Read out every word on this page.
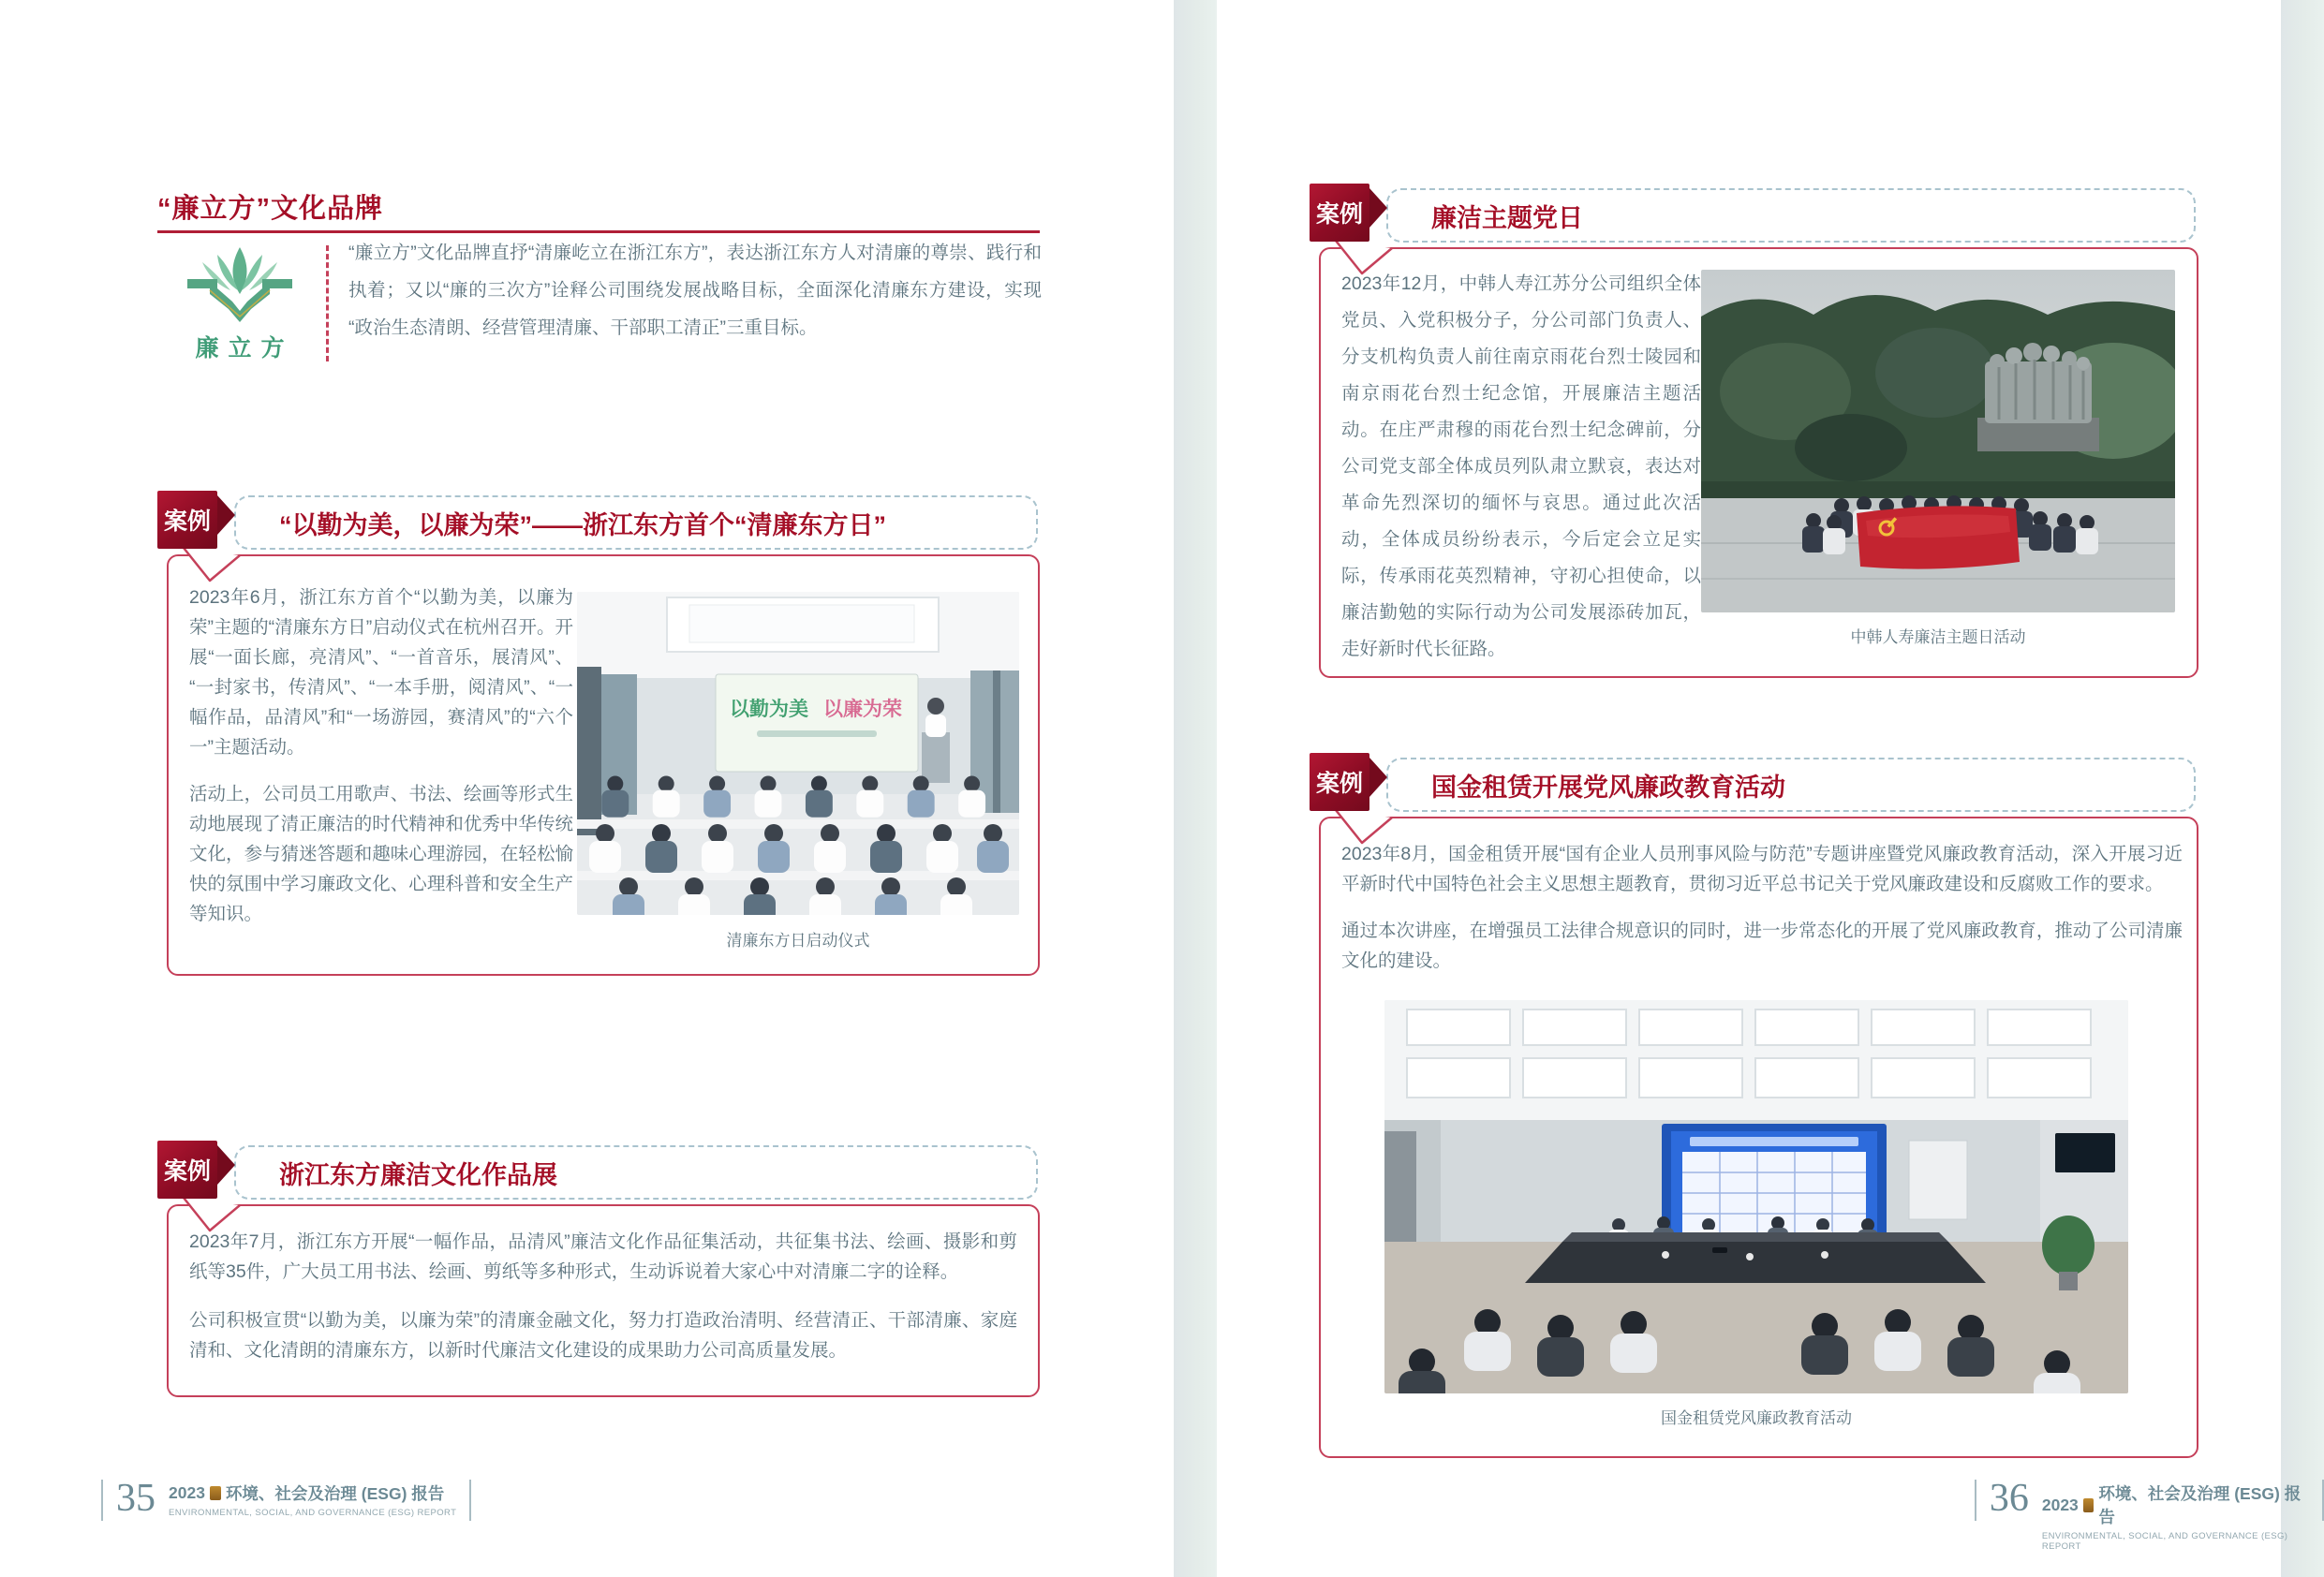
“廉立方”文化品牌
廉立方

“廉立方”文化品牌直抒“清廉屹立在浙江东方”，表达浙江东方人对清廉的尊崇、践行和执着；又以“廉的三次方”诠释公司围绕发展战略目标，全面深化清廉东方建设，实现“政治生态清朗、经营管理清廉、干部职工清正”三重目标。

案例	“以勤为美，以廉为荣”——浙江东方首个“清廉东方日”

2023年6月，浙江东方首个“以勤为美，以廉为荣”主题的“清廉东方日”启动仪式在杭州召开。开展“一面长廊，亮清风”、“一首音乐，展清风”、“一封家书，传清风”、“一本手册，阅清风”、“一幅作品，品清风”和“一场游园，赛清风”的“六个一”主题活动。

活动上，公司员工用歌声、书法、绘画等形式生动地展现了清正廉洁的时代精神和优秀中华传统文化，参与猜迷答题和趣味心理游园，在轻松愉快的氛围中学习廉政文化、心理科普和安全生产等知识。

以勤为美 以廉为荣
清廉东方日启动仪式
案例	浙江东方廉洁文化作品展

2023年7月，浙江东方开展“一幅作品，品清风”廉洁文化作品征集活动，共征集书法、绘画、摄影和剪纸等35件，广大员工用书法、绘画、剪纸等多种形式，生动诉说着大家心中对清廉二字的诠释。

公司积极宣贯“以勤为美，以廉为荣”的清廉金融文化，努力打造政治清明、经营清正、干部清廉、家庭清和、文化清朗的清廉东方，以新时代廉洁文化建设的成果助力公司高质量发展。

35 2023 环境、社会及治理 (ESG) 报告
ENVIRONMENTAL, SOCIAL, AND GOVERNANCE (ESG) REPORT
案例	廉洁主题党日

2023年12月，中韩人寿江苏分公司组织全体党员、入党积极分子，分公司部门负责人、分支机构负责人前往南京雨花台烈士陵园和南京雨花台烈士纪念馆，开展廉洁主题活动。在庄严肃穆的雨花台烈士纪念碑前，分公司党支部全体成员列队肃立默哀，表达对革命先烈深切的缅怀与哀思。通过此次活动，全体成员纷纷表示，今后定会立足实际，传承雨花英烈精神，守初心担使命，以廉洁勤勉的实际行动为公司发展添砖加瓦，走好新时代长征路。

中韩人寿廉洁主题日活动
案例	国金租赁开展党风廉政教育活动

2023年8月，国金租赁开展“国有企业人员刑事风险与防范”专题讲座暨党风廉政教育活动，深入开展习近平新时代中国特色社会主义思想主题教育，贯彻习近平总书记关于党风廉政建设和反腐败工作的要求。

通过本次讲座，在增强员工法律合规意识的同时，进一步常态化的开展了党风廉政教育，推动了公司清廉文化的建设。

国金租赁党风廉政教育活动
36 2023
环境、社会及治理 (ESG) 报告
ENVIRONMENTAL, SOCIAL, AND GOVERNANCE (ESG) REPORT
